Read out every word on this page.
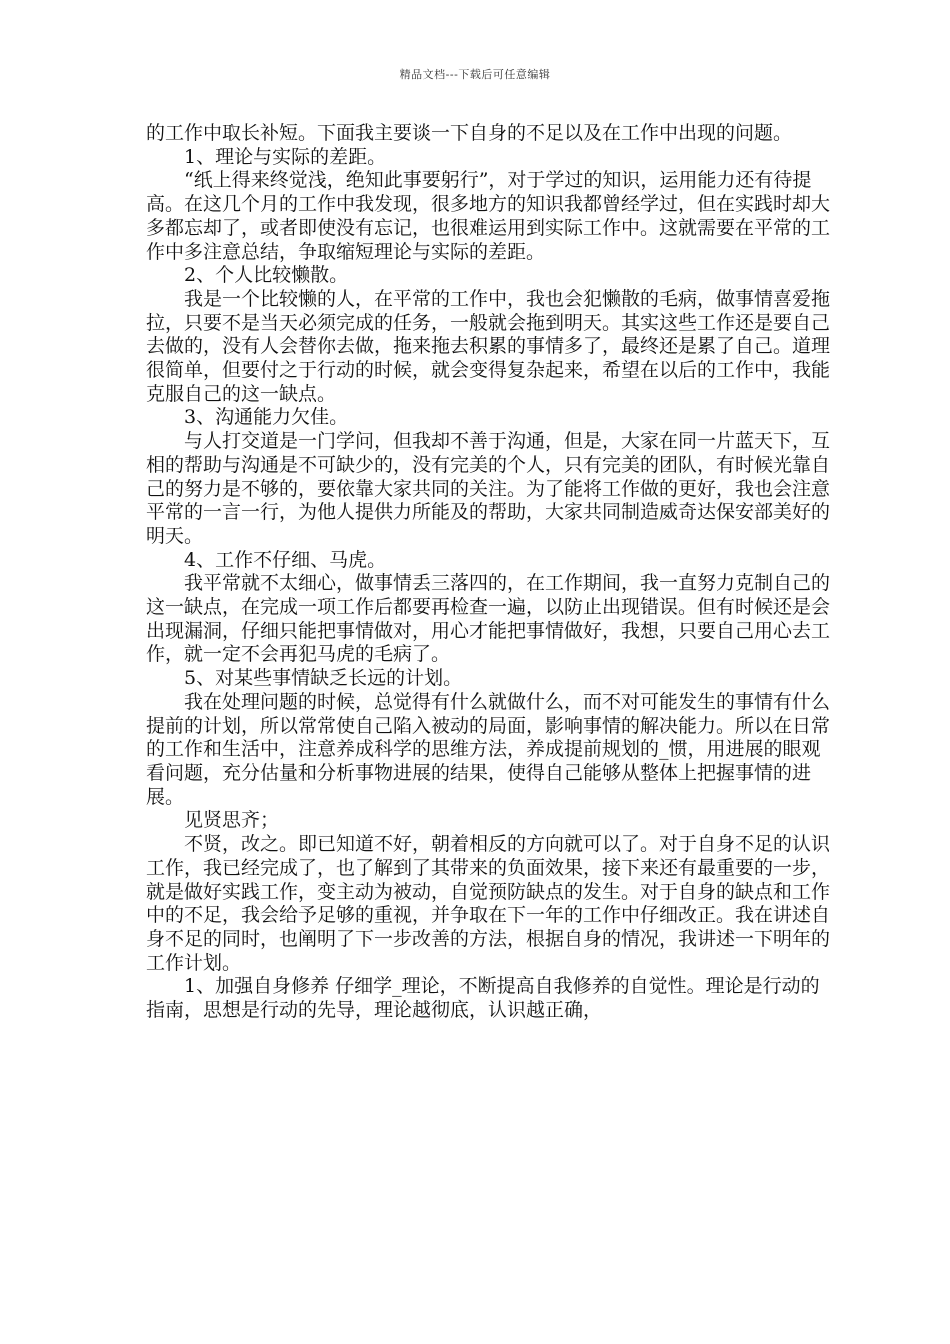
精品文档---下载后可任意编辑

的工作中取长补短。下面我主要谈一下自身的不足以及在工作中出现的问题。

1、理论与实际的差距。

“纸上得来终觉浅，绝知此事要躬行”，对于学过的知识，运用能力还有待提高。在这几个月的工作中我发现，很多地方的知识我都曾经学过，但在实践时却大多都忘却了，或者即使没有忘记，也很难运用到实际工作中。这就需要在平常的工作中多注意总结，争取缩短理论与实际的差距。

2、个人比较懒散。

我是一个比较懒的人，在平常的工作中，我也会犯懒散的毛病，做事情喜爱拖拉，只要不是当天必须完成的任务，一般就会拖到明天。其实这些工作还是要自己去做的，没有人会替你去做，拖来拖去积累的事情多了，最终还是累了自己。道理很简单，但要付之于行动的时候，就会变得复杂起来，希望在以后的工作中，我能克服自己的这一缺点。

3、沟通能力欠佳。

与人打交道是一门学问，但我却不善于沟通，但是，大家在同一片蓝天下，互相的帮助与沟通是不可缺少的，没有完美的个人，只有完美的团队，有时候光靠自己的努力是不够的，要依靠大家共同的关注。为了能将工作做的更好，我也会注意平常的一言一行，为他人提供力所能及的帮助，大家共同制造威奇达保安部美好的明天。

4、工作不仔细、马虎。

我平常就不太细心，做事情丢三落四的，在工作期间，我一直努力克制自己的这一缺点，在完成一项工作后都要再检查一遍，以防止出现错误。但有时候还是会出现漏洞，仔细只能把事情做对，用心才能把事情做好，我想，只要自己用心去工作，就一定不会再犯马虎的毛病了。

5、对某些事情缺乏长远的计划。

我在处理问题的时候，总觉得有什么就做什么，而不对可能发生的事情有什么提前的计划，所以常常使自己陷入被动的局面，影响事情的解决能力。所以在日常的工作和生活中，注意养成科学的思维方法，养成提前规划的_惯，用进展的眼观看问题，充分估量和分析事物进展的结果，使得自己能够从整体上把握事情的进展。

见贤思齐；

不贤，改之。即已知道不好，朝着相反的方向就可以了。对于自身不足的认识工作，我已经完成了，也了解到了其带来的负面效果，接下来还有最重要的一步，就是做好实践工作，变主动为被动，自觉预防缺点的发生。对于自身的缺点和工作中的不足，我会给予足够的重视，并争取在下一年的工作中仔细改正。我在讲述自身不足的同时，也阐明了下一步改善的方法，根据自身的情况，我讲述一下明年的工作计划。

1、加强自身修养 仔细学_理论，不断提高自我修养的自觉性。理论是行动的指南，思想是行动的先导，理论越彻底，认识越正确，
